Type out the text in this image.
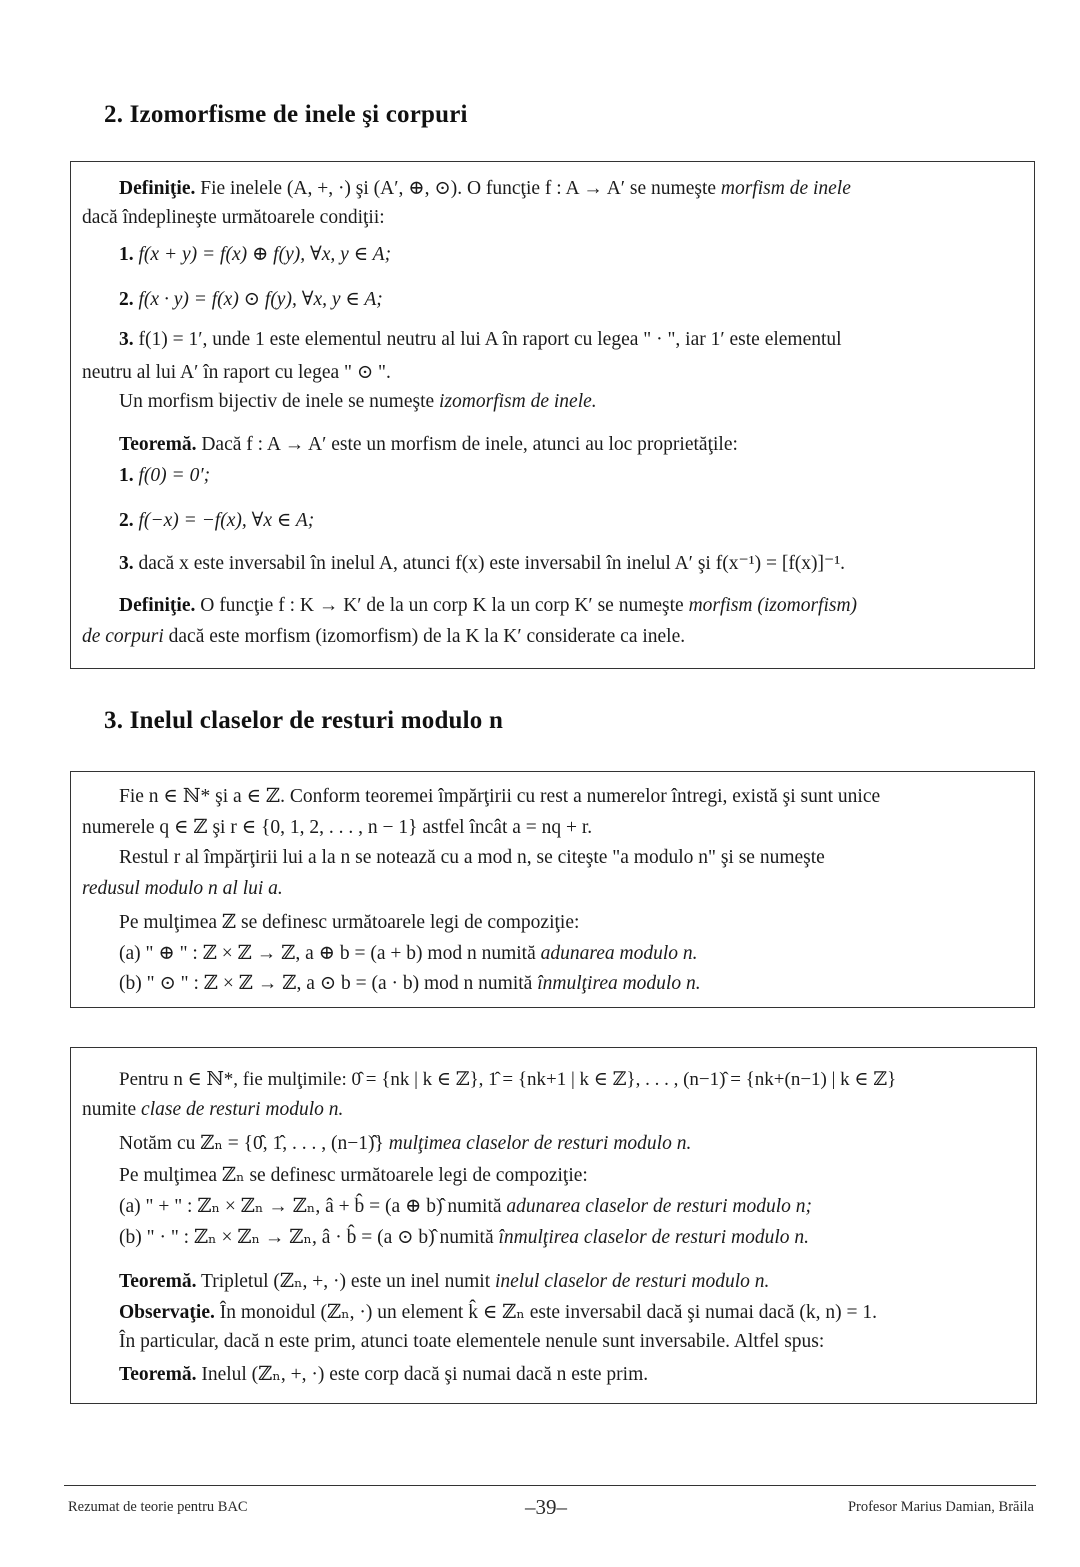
2. Izomorfisme de inele şi corpuri
Definiţie. Fie inelele (A, +, ·) şi (A′, ⊕, ⊙). O funcţie f : A → A′ se numeşte morfism de inele
dacă îndeplineşte următoarele condiţii:
1. f(x + y) = f(x) ⊕ f(y), ∀x, y ∈ A;
2. f(x · y) = f(x) ⊙ f(y), ∀x, y ∈ A;
3. f(1) = 1′, unde 1 este elementul neutru al lui A în raport cu legea " · ", iar 1′ este elementul
neutru al lui A′ în raport cu legea " ⊙ ".
Un morfism bijectiv de inele se numeşte izomorfism de inele.
Teoremă. Dacă f : A → A′ este un morfism de inele, atunci au loc proprietăţile:
1. f(0) = 0′;
2. f(−x) = −f(x), ∀x ∈ A;
3. dacă x este inversabil în inelul A, atunci f(x) este inversabil în inelul A′ şi f(x⁻¹) = [f(x)]⁻¹.
Definiţie. O funcţie f : K → K′ de la un corp K la un corp K′ se numeşte morfism (izomorfism)
de corpuri dacă este morfism (izomorfism) de la K la K′ considerate ca inele.
3. Inelul claselor de resturi modulo n
Fie n ∈ ℕ* şi a ∈ ℤ. Conform teoremei împărţirii cu rest a numerelor întregi, există şi sunt unice
numerele q ∈ ℤ şi r ∈ {0, 1, 2, . . . , n − 1} astfel încât a = nq + r.
Restul r al împărţirii lui a la n se notează cu a mod n, se citeşte "a modulo n" şi se numeşte
redusul modulo n al lui a.
Pe mulţimea ℤ se definesc următoarele legi de compoziţie:
(a) " ⊕ " : ℤ × ℤ → ℤ, a ⊕ b = (a + b) mod n numită adunarea modulo n.
(b) " ⊙ " : ℤ × ℤ → ℤ, a ⊙ b = (a · b) mod n numită înmulţirea modulo n.
Pentru n ∈ ℕ*, fie mulţimile: 0̂ = {nk | k ∈ ℤ}, 1̂ = {nk+1 | k ∈ ℤ}, . . . , (n−1)̂ = {nk+(n−1) | k ∈ ℤ}
numite clase de resturi modulo n.
Notăm cu ℤₙ = {0̂, 1̂, . . . , (n−1)̂} mulţimea claselor de resturi modulo n.
Pe mulţimea ℤₙ se definesc următoarele legi de compoziţie:
(a) " + " : ℤₙ × ℤₙ → ℤₙ, â + b̂ = (a ⊕ b)̂ numită adunarea claselor de resturi modulo n;
(b) " · " : ℤₙ × ℤₙ → ℤₙ, â · b̂ = (a ⊙ b)̂ numită înmulţirea claselor de resturi modulo n.
Teoremă. Tripletul (ℤₙ, +, ·) este un inel numit inelul claselor de resturi modulo n.
Observaţie. În monoidul (ℤₙ, ·) un element k̂ ∈ ℤₙ este inversabil dacă şi numai dacă (k, n) = 1.
În particular, dacă n este prim, atunci toate elementele nenule sunt inversabile. Altfel spus:
Teoremă. Inelul (ℤₙ, +, ·) este corp dacă şi numai dacă n este prim.
Rezumat de teorie pentru BAC	–39–	Profesor Marius Damian, Brăila
